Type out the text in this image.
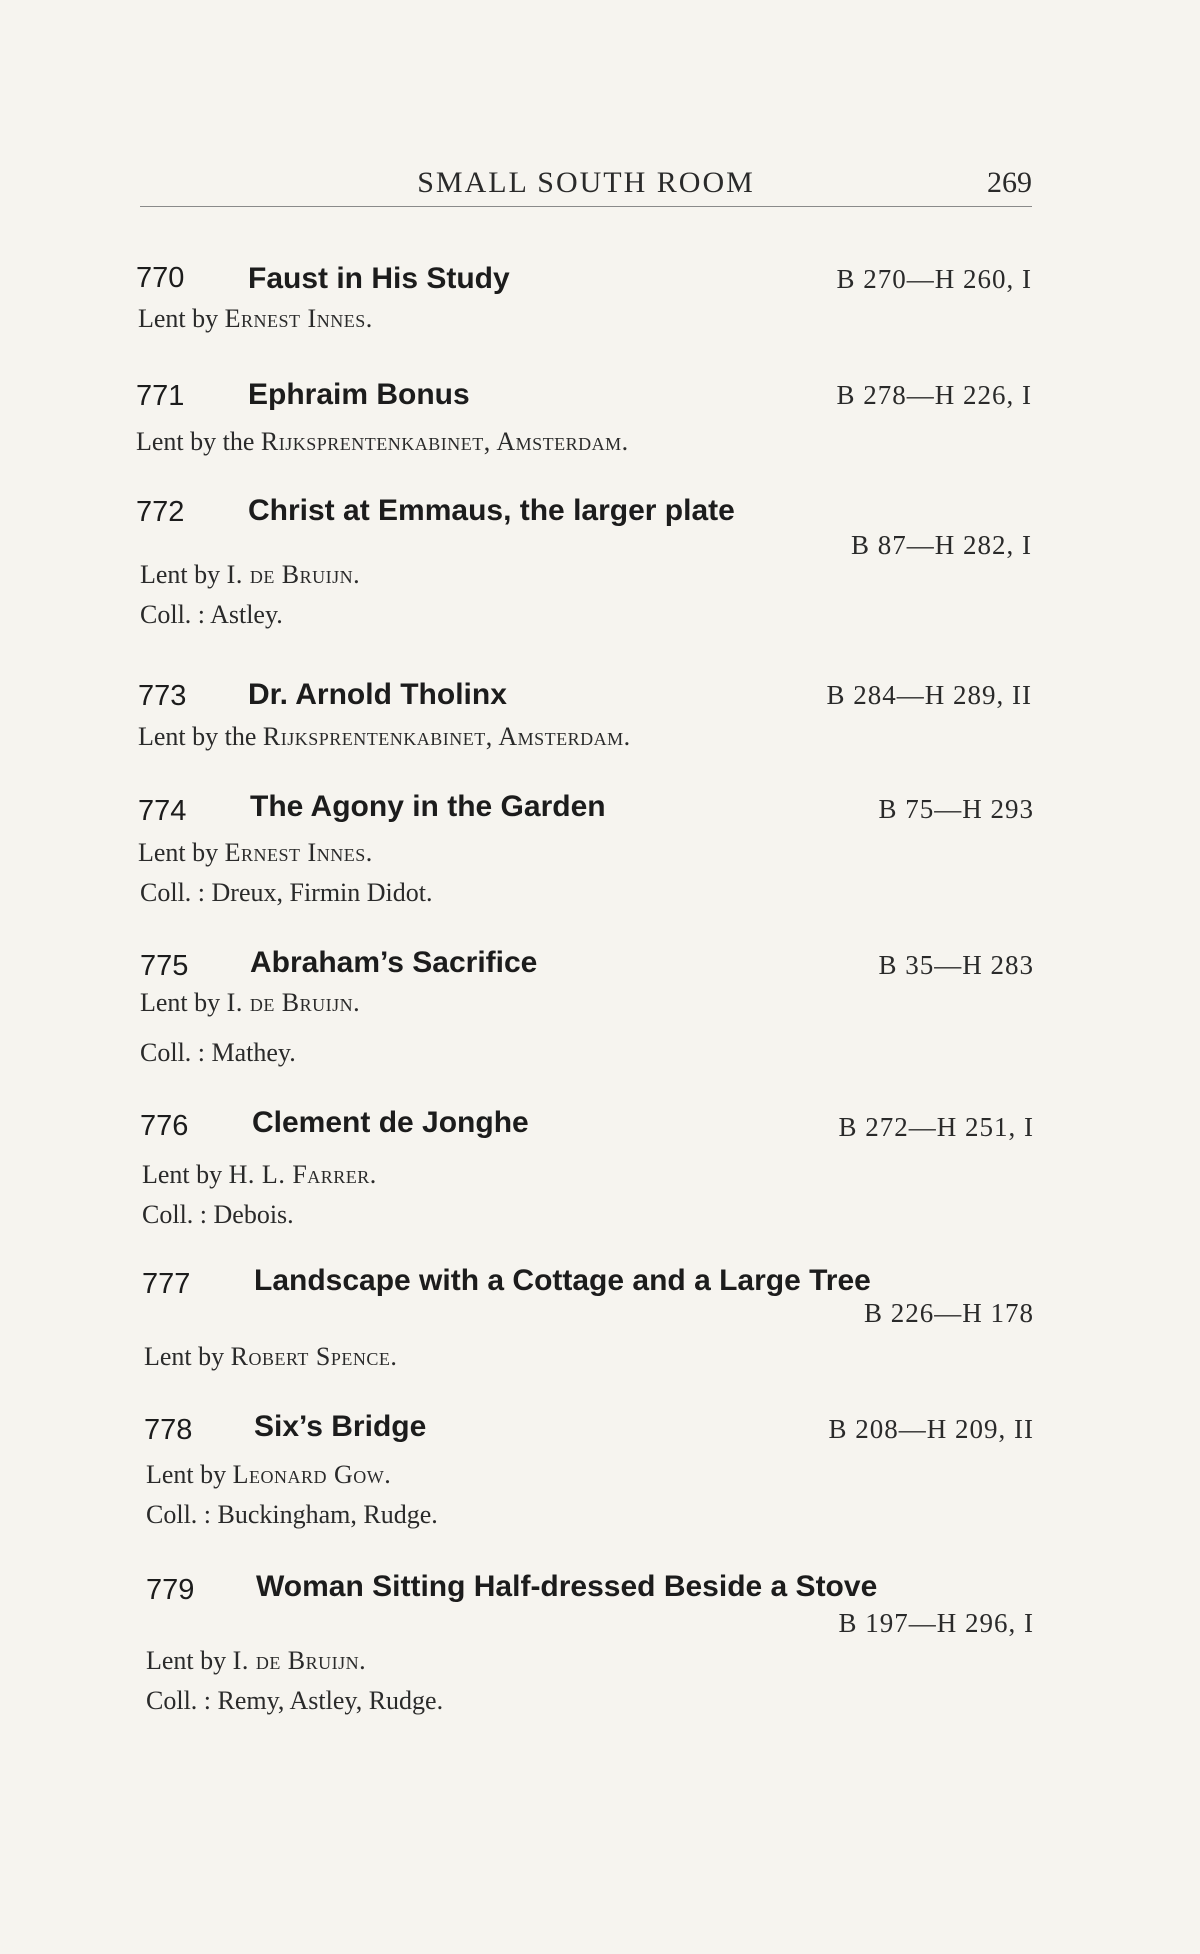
SMALL SOUTH ROOM	269
770 Faust in His Study	B 270—H 260, I
Lent by Ernest Innes.
771 Ephraim Bonus	B 278—H 226, I
Lent by the Rijksprentenkabinet, Amsterdam.
772 Christ at Emmaus, the larger plate
B 87—H 282, I
Lent by I. de Bruijn.
Coll. : Astley.
773 Dr. Arnold Tholinx	B 284—H 289, II
Lent by the Rijksprentenkabinet, Amsterdam.
774 The Agony in the Garden	B 75—H 293
Lent by Ernest Innes.
Coll. : Dreux, Firmin Didot.
775 Abraham’s Sacrifice	B 35—H 283
Lent by I. de Bruijn.
Coll. : Mathey.
776 Clement de Jonghe	B 272—H 251, I
Lent by H. L. Farrer.
Coll. : Debois.
777 Landscape with a Cottage and a Large Tree
B 226—H 178
Lent by Robert Spence.
778 Six’s Bridge	B 208—H 209, II
Lent by Leonard Gow.
Coll. : Buckingham, Rudge.
779 Woman Sitting Half-dressed Beside a Stove
B 197—H 296, I
Lent by I. de Bruijn.
Coll. : Remy, Astley, Rudge.
